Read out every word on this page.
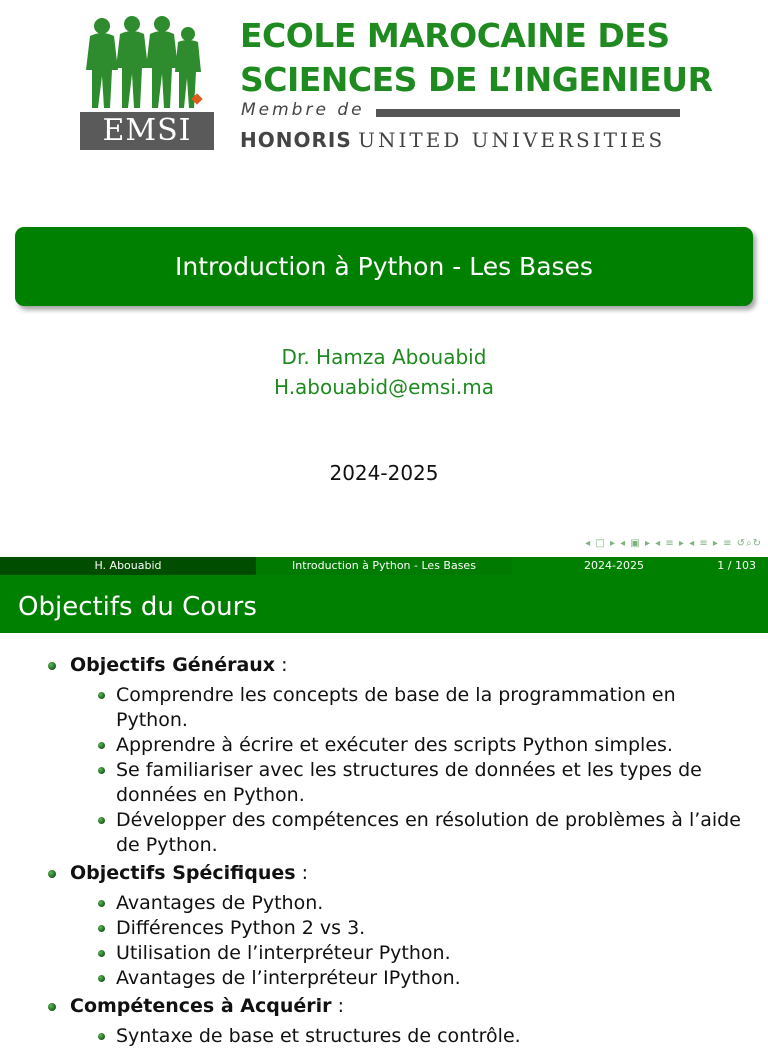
EMSI
ECOLE MAROCAINE DES
SCIENCES DE L’INGENIEUR
Membre de
HONORIS UNITED UNIVERSITIES
Introduction à Python - Les Bases
Dr. Hamza Abouabid
H.abouabid@emsi.ma
2024-2025
◂ □ ▸ ◂ ▣ ▸ ◂ ≡ ▸ ◂ ≡ ▸ ≡ ↺⌕↻
H. Abouabid	Introduction à Python - Les Bases	2024-2025	1 / 103
Objectifs du Cours
Objectifs Généraux :
Comprendre les concepts de base de la programmation en Python.
Apprendre à écrire et exécuter des scripts Python simples.
Se familiariser avec les structures de données et les types de données en Python.
Développer des compétences en résolution de problèmes à l’aide de Python.
Objectifs Spécifiques :
Avantages de Python.
Différences Python 2 vs 3.
Utilisation de l’interpréteur Python.
Avantages de l’interpréteur IPython.
Compétences à Acquérir :
Syntaxe de base et structures de contrôle.
